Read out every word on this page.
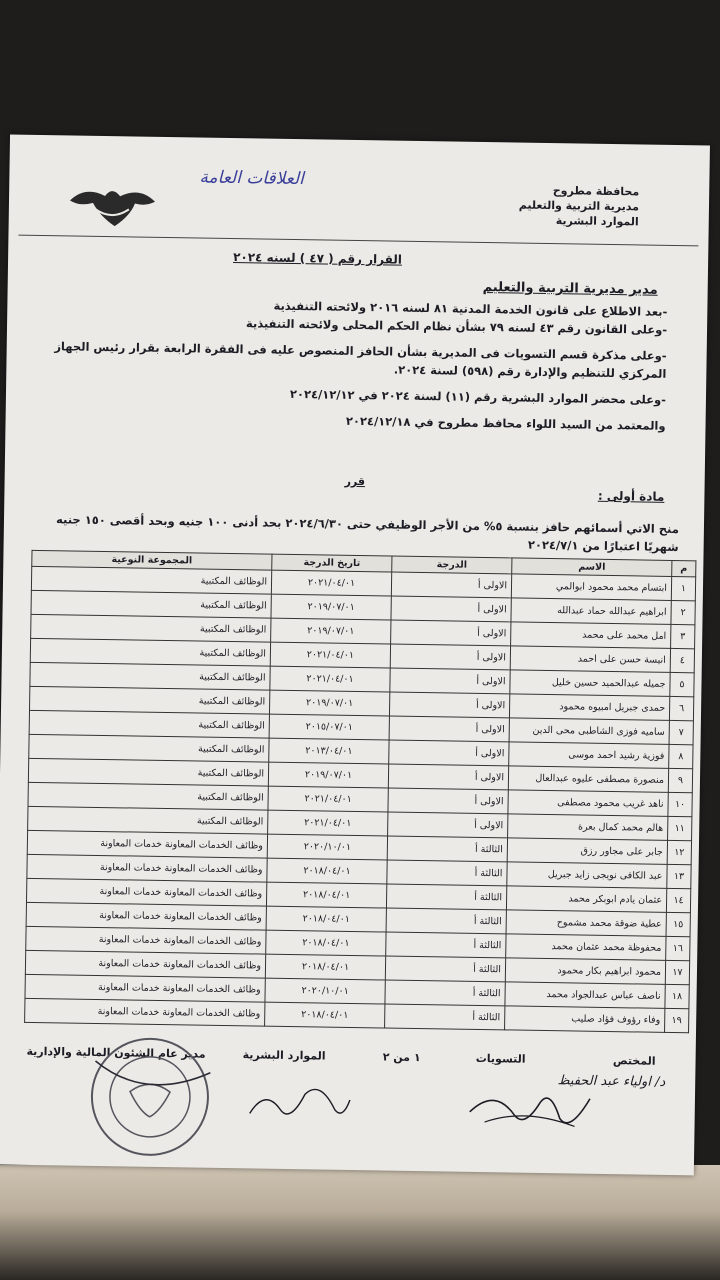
محافظة مطروح
مديرية التربية والتعليم
الموارد البشرية
العلاقات العامة
القرار رقم ( ٤٧ ) لسنه ٢٠٢٤
مدير مديرية التربية والتعليم

-بعد الاطلاع على قانون الخدمة المدنية ٨١ لسنه ٢٠١٦ ولائحته التنفيذية

-وعلى القانون رقم ٤٣ لسنه ٧٩ بشأن نظام الحكم المحلى ولائحته التنفيذية

-وعلى مذكرة قسم التسويات فى المديرية بشأن الحافز المنصوص عليه فى الفقرة الرابعة بقرار رئيس الجهاز المركزي للتنظيم والإدارة رقم (٥٩٨) لسنة ٢٠٢٤.

-وعلى محضر الموارد البشرية رقم (١١) لسنة ٢٠٢٤ في ٢٠٢٤/١٢/١٢

والمعتمد من السيد اللواء محافظ مطروح في ٢٠٢٤/١٢/١٨

قرر
مادة أولى :
منح الاتي أسمائهم حافز بنسبة ٥% من الأجر الوظيفي حتى ٢٠٢٤/٦/٣٠ بحد أدنى ١٠٠ جنيه وبحد أقصى ١٥٠ جنيه شهريًا اعتبارًا من ٢٠٢٤/٧/١
م	الاسم	الدرجة	تاريخ الدرجة	المجموعة النوعية
١	ابتسام محمد محمود ابوالمي	الاولى أ	٢٠٢١/٠٤/٠١	الوظائف المكتبية
٢	ابراهيم عبدالله حماد عبدالله	الاولى أ	٢٠١٩/٠٧/٠١	الوظائف المكتبية
٣	امل محمد على محمد	الاولى أ	٢٠١٩/٠٧/٠١	الوظائف المكتبية
٤	انيسة حسن على احمد	الاولى أ	٢٠٢١/٠٤/٠١	الوظائف المكتبية
٥	جميله عبدالحميد حسين خليل	الاولى أ	٢٠٢١/٠٤/٠١	الوظائف المكتبية
٦	حمدى جبريل امبيوه محمود	الاولى أ	٢٠١٩/٠٧/٠١	الوظائف المكتبية
٧	ساميه فوزى الشاطبى محى الدين	الاولى أ	٢٠١٥/٠٧/٠١	الوظائف المكتبية
٨	فوزية رشيد احمد موسى	الاولى أ	٢٠١٣/٠٤/٠١	الوظائف المكتبية
٩	منصورة مصطفى عليوه عبدالعال	الاولى أ	٢٠١٩/٠٧/٠١	الوظائف المكتبية
١٠	ناهد غريب محمود مصطفى	الاولى أ	٢٠٢١/٠٤/٠١	الوظائف المكتبية
١١	هالم محمد كمال بعرة	الاولى أ	٢٠٢١/٠٤/٠١	الوظائف المكتبية
١٢	جابر على مجاور رزق	الثالثة أ	٢٠٢٠/١٠/٠١	وظائف الخدمات المعاونة خدمات المعاونة
١٣	عبد الكافى نويجى زايد جبريل	الثالثة أ	٢٠١٨/٠٤/٠١	وظائف الخدمات المعاونة خدمات المعاونة
١٤	عثمان يادم ابوبكر محمد	الثالثة أ	٢٠١٨/٠٤/٠١	وظائف الخدمات المعاونة خدمات المعاونة
١٥	عطية ضوقة محمد مشموح	الثالثة أ	٢٠١٨/٠٤/٠١	وظائف الخدمات المعاونة خدمات المعاونة
١٦	محفوظة محمد عثمان محمد	الثالثة أ	٢٠١٨/٠٤/٠١	وظائف الخدمات المعاونة خدمات المعاونة
١٧	محمود ابراهيم بكار محمود	الثالثة أ	٢٠١٨/٠٤/٠١	وظائف الخدمات المعاونة خدمات المعاونة
١٨	ناصف عباس عبدالجواد محمد	الثالثة أ	٢٠٢٠/١٠/٠١	وظائف الخدمات المعاونة خدمات المعاونة
١٩	وفاء رؤوف فؤاد صليب	الثالثة أ	٢٠١٨/٠٤/٠١	وظائف الخدمات المعاونة خدمات المعاونة
المختص
التسويات
١ من ٢
الموارد البشرية
مدير عام الشئون المالية والإدارية
د/ اولياء عبد الحفيظ
